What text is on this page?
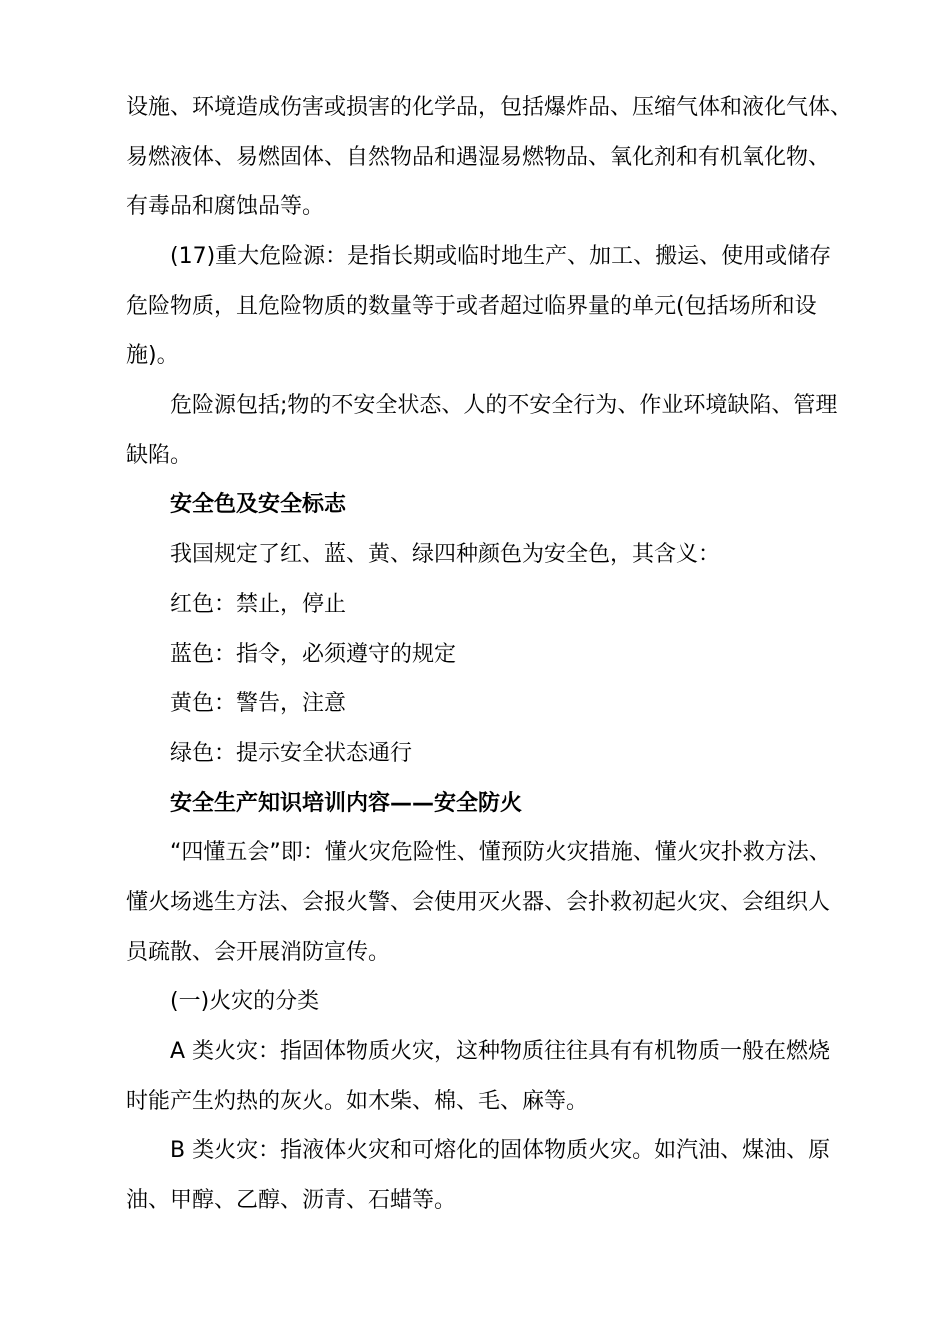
设施、环境造成伤害或损害的化学品，包括爆炸品、压缩气体和液化气体、
易燃液体、易燃固体、自然物品和遇湿易燃物品、氧化剂和有机氧化物、
有毒品和腐蚀品等。
(17)重大危险源：是指长期或临时地生产、加工、搬运、使用或储存
危险物质，且危险物质的数量等于或者超过临界量的单元(包括场所和设
施)。
危险源包括;物的不安全状态、人的不安全行为、作业环境缺陷、管理
缺陷。
安全色及安全标志
我国规定了红、蓝、黄、绿四种颜色为安全色，其含义：
红色：禁止，停止
蓝色：指令，必须遵守的规定
黄色：警告，注意
绿色：提示安全状态通行
安全生产知识培训内容——安全防火
“四懂五会”即：懂火灾危险性、懂预防火灾措施、懂火灾扑救方法、
懂火场逃生方法、会报火警、会使用灭火器、会扑救初起火灾、会组织人
员疏散、会开展消防宣传。
(一)火灾的分类
A 类火灾：指固体物质火灾，这种物质往往具有有机物质一般在燃烧
时能产生灼热的灰火。如木柴、棉、毛、麻等。
B 类火灾：指液体火灾和可熔化的固体物质火灾。如汽油、煤油、原
油、甲醇、乙醇、沥青、石蜡等。
